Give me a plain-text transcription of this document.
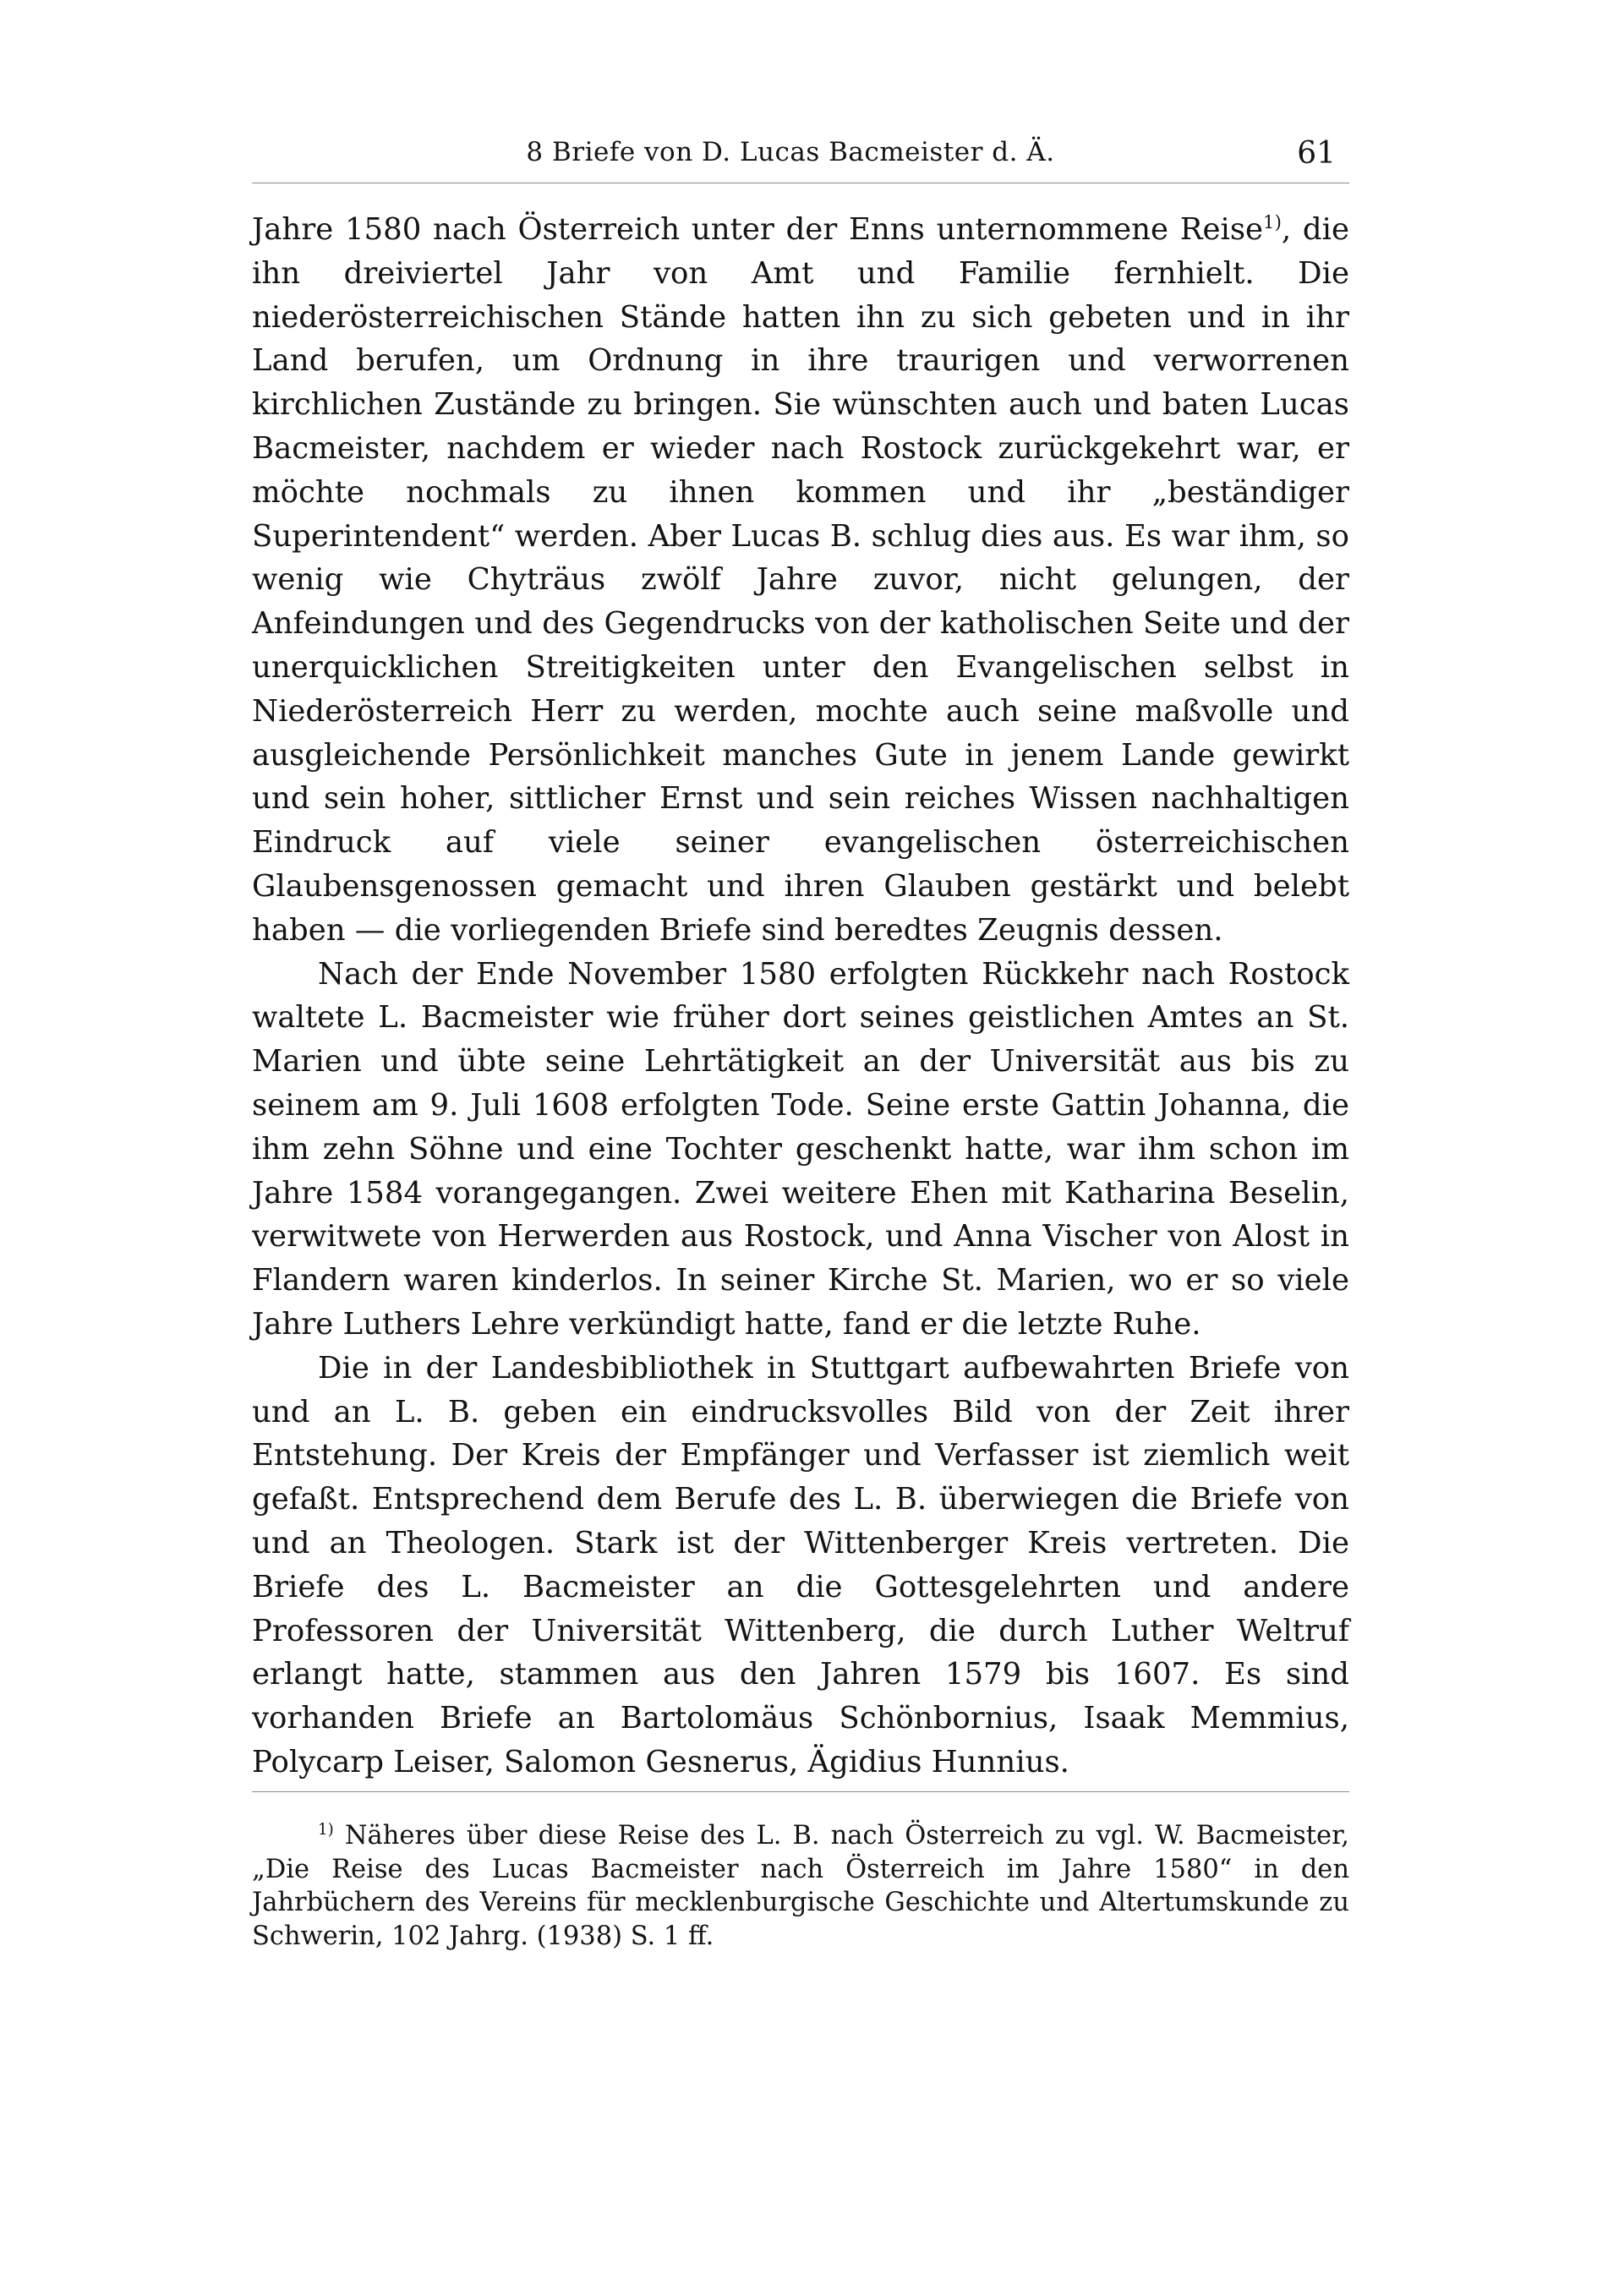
8 Briefe von D. Lucas Bacmeister d. Ä.	61

Jahre 1580 nach Österreich unter der Enns unternommene Reise$^{1)}$, die ihn dreiviertel Jahr von Amt und Familie fernhielt. Die niederösterreichischen Stände hatten ihn zu sich gebeten und in ihr Land berufen, um Ordnung in ihre traurigen und verworrenen kirchlichen Zustände zu bringen. Sie wünschten auch und baten Lucas Bacmeister, nachdem er wieder nach Rostock zurückgekehrt war, er möchte nochmals zu ihnen kommen und ihr „beständiger Superintendent“ werden. Aber Lucas B. schlug dies aus. Es war ihm, so wenig wie Chyträus zwölf Jahre zuvor, nicht gelungen, der Anfeindungen und des Gegendrucks von der katholischen Seite und der unerquicklichen Streitigkeiten unter den Evangelischen selbst in Niederösterreich Herr zu werden, mochte auch seine maßvolle und ausgleichende Persönlichkeit manches Gute in jenem Lande gewirkt und sein hoher, sittlicher Ernst und sein reiches Wissen nachhaltigen Eindruck auf viele seiner evangelischen österreichischen Glaubensgenossen gemacht und ihren Glauben gestärkt und belebt haben — die vorliegenden Briefe sind beredtes Zeugnis dessen.

Nach der Ende November 1580 erfolgten Rückkehr nach Rostock waltete L. Bacmeister wie früher dort seines geistlichen Amtes an St. Marien und übte seine Lehrtätigkeit an der Universität aus bis zu seinem am 9. Juli 1608 erfolgten Tode. Seine erste Gattin Johanna, die ihm zehn Söhne und eine Tochter geschenkt hatte, war ihm schon im Jahre 1584 vorangegangen. Zwei weitere Ehen mit Katharina Beselin, verwitwete von Herwerden aus Rostock, und Anna Vischer von Alost in Flandern waren kinderlos. In seiner Kirche St. Marien, wo er so viele Jahre Luthers Lehre verkündigt hatte, fand er die letzte Ruhe.

Die in der Landesbibliothek in Stuttgart aufbewahrten Briefe von und an L. B. geben ein eindrucksvolles Bild von der Zeit ihrer Entstehung. Der Kreis der Empfänger und Verfasser ist ziemlich weit gefaßt. Entsprechend dem Berufe des L. B. überwiegen die Briefe von und an Theologen. Stark ist der Wittenberger Kreis vertreten. Die Briefe des L. Bacmeister an die Gottesgelehrten und andere Professoren der Universität Wittenberg, die durch Luther Weltruf erlangt hatte, stammen aus den Jahren 1579 bis 1607. Es sind vorhanden Briefe an Bartolomäus Schönbornius, Isaak Memmius, Polycarp Leiser, Salomon Gesnerus, Ägidius Hunnius.

$^{1)}$ Näheres über diese Reise des L. B. nach Österreich zu vgl. W. Bacmeister, „Die Reise des Lucas Bacmeister nach Österreich im Jahre 1580“ in den Jahrbüchern des Vereins für mecklenburgische Geschichte und Altertumskunde zu Schwerin, 102 Jahrg. (1938) S. 1 ff.
